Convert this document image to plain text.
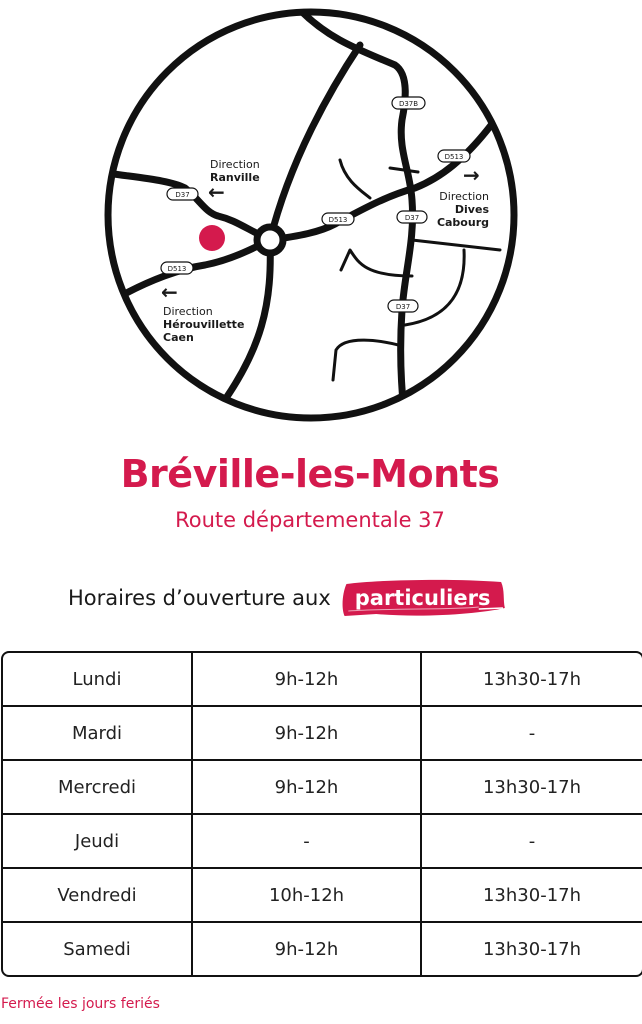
D37
D513
D513
D37B
D513
D37
D37
Direction
Ranville
←
→
Direction
Dives
Cabourg
←
Direction
Hérouvillette
Caen
Bréville-les-Monts
Route départementale 37
Horaires d’ouverture aux	particuliers
Lundi	9h-12h	13h30-17h
Mardi	9h-12h	-
Mercredi	9h-12h	13h30-17h
Jeudi	-	-
Vendredi	10h-12h	13h30-17h
Samedi	9h-12h	13h30-17h
Fermée les jours feriés
